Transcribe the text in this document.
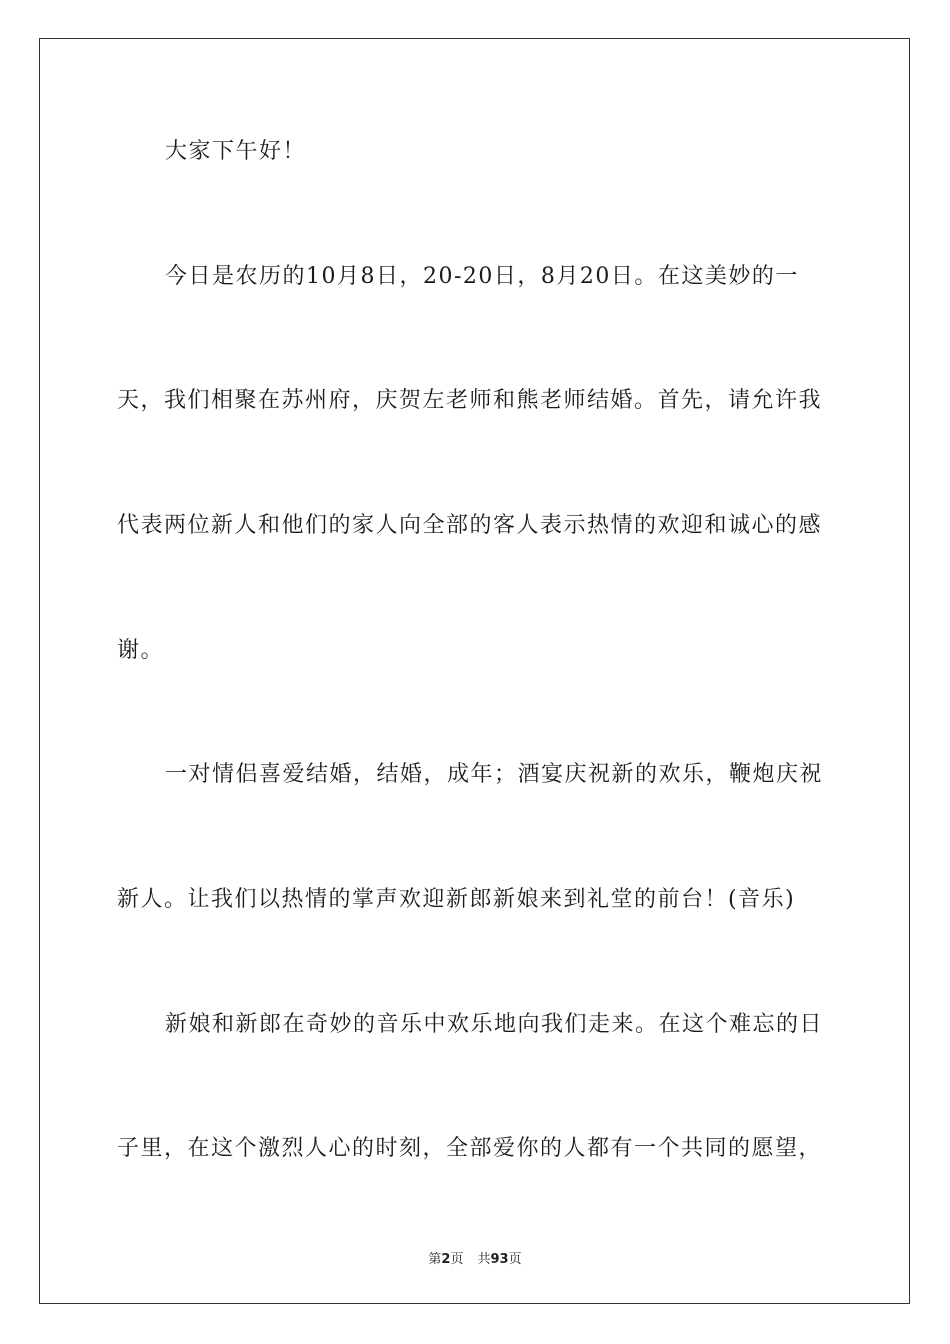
大家下午好！
今日是农历的10月8日，20-20日，8月20日。在这美妙的一
天，我们相聚在苏州府，庆贺左老师和熊老师结婚。首先，请允许我
代表两位新人和他们的家人向全部的客人表示热情的欢迎和诚心的感
谢。
一对情侣喜爱结婚，结婚，成年；酒宴庆祝新的欢乐，鞭炮庆祝
新人。让我们以热情的掌声欢迎新郎新娘来到礼堂的前台！(音乐)
新娘和新郎在奇妙的音乐中欢乐地向我们走来。在这个难忘的日
子里，在这个激烈人心的时刻，全部爱你的人都有一个共同的愿望，
第2页 共93页
